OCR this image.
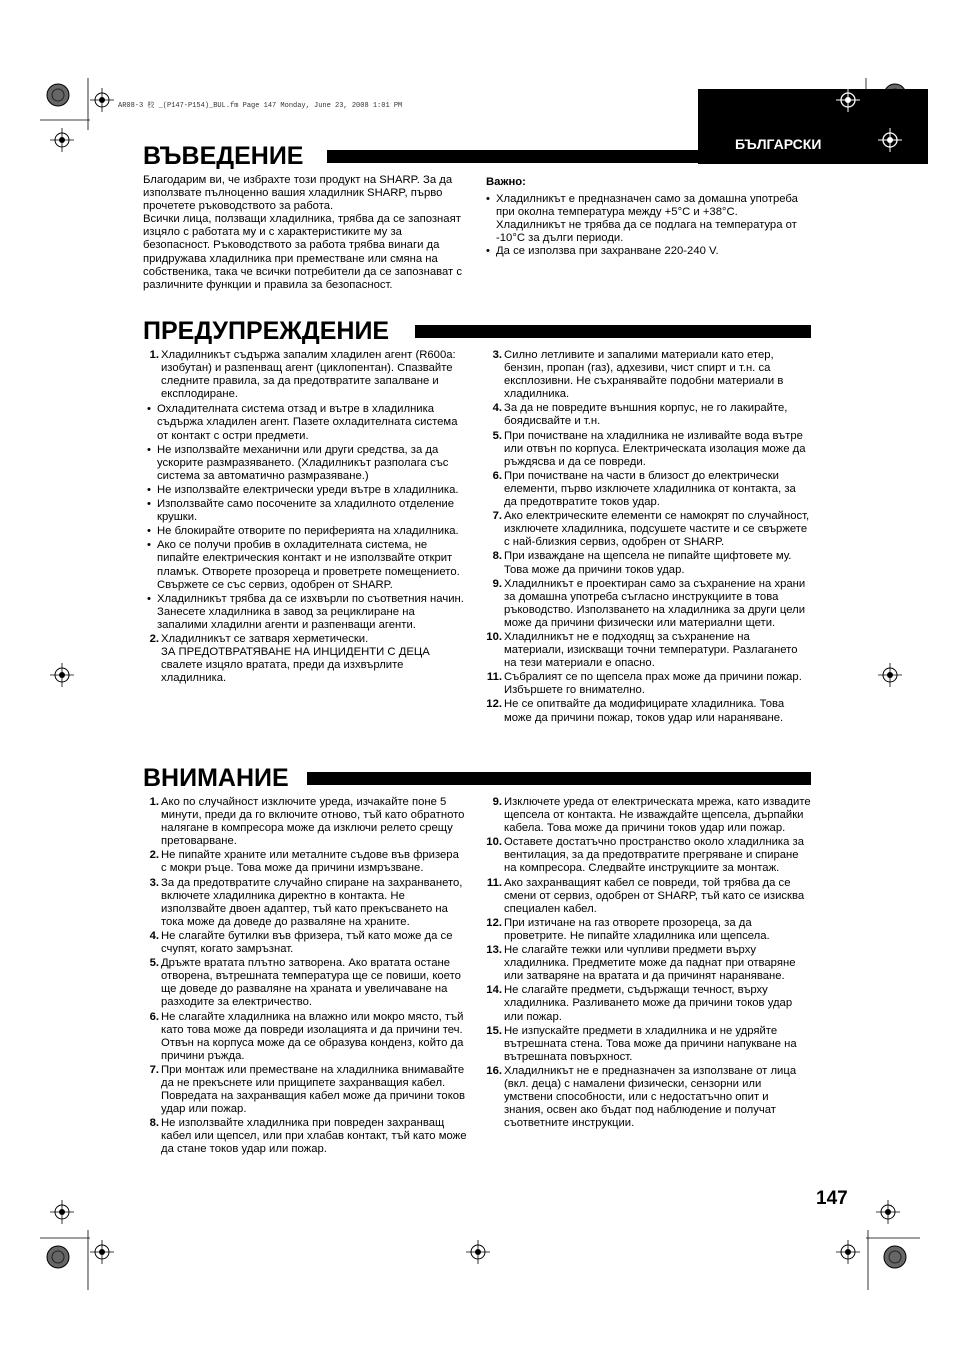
AR08-3 校 _(P147-P154)_BUL.fm Page 147 Monday, June 23, 2008 1:01 PM
БЪЛГАРСКИ
ВЪВЕДЕНИЕ

Благодарим ви, че избрахте този продукт на SHARP. За да използвате пълноценно вашия хладилник SHARP, първо прочетете ръководството за работа.

Всички лица, ползващи хладилника, трябва да се запознаят изцяло с работата му и с характеристиките му за безопасност. Ръководството за работа трябва винаги да придружава хладилника при преместване или смяна на собственика, така че всички потребители да се запознават с различните функции и правила за безопасност.

Важно:
• Хладилникът е предназначен само за домашна употреба при околна температура между +5°C и +38°C. Хладилникът не трябва да се подлага на температура от -10°C за дълги периоди.
• Да се използва при захранване 220-240 V.
ПРЕДУПРЕЖДЕНИЕ
1. Хладилникът съдържа запалим хладилен агент (R600a: изобутан) и разпенващ агент (циклопентан). Спазвайте следните правила, за да предотвратите запалване и експлодиране.
• Охладителната система отзад и вътре в хладилника съдържа хладилен агент. Пазете охладителната система от контакт с остри предмети.
• Не използвайте механични или други средства, за да ускорите размразяването. (Хладилникът разполага със система за автоматично размразяване.)
• Не използвайте електрически уреди вътре в хладилника.
• Използвайте само посочените за хладилното отделение крушки.
• Не блокирайте отворите по периферията на хладилника.
• Ако се получи пробив в охладителната система, не пипайте електрическия контакт и не използвайте открит пламък. Отворете прозореца и проветрете помещението. Свържете се със сервиз, одобрен от SHARP.
• Хладилникът трябва да се изхвърли по съответния начин. Занесете хладилника в завод за рециклиране на запалими хладилни агенти и разпенващи агенти.
2. Хладилникът се затваря херметически.
ЗА ПРЕДОТВРАТЯВАНЕ НА ИНЦИДЕНТИ С ДЕЦА свалете изцяло вратата, преди да изхвърлите хладилника.
3. Силно летливите и запалими материали като етер, бензин, пропан (газ), адхезиви, чист спирт и т.н. са експлозивни. Не съхранявайте подобни материали в хладилника.
4. За да не повредите външния корпус, не го лакирайте, боядисвайте и т.н.
5. При почистване на хладилника не изливайте вода вътре или отвън по корпуса. Електрическата изолация може да ръждясва и да се повреди.
6. При почистване на части в близост до електрически елементи, първо изключете хладилника от контакта, за да предотвратите токов удар.
7. Ако електрическите елементи се намокрят по случайност, изключете хладилника, подсушете частите и се свържете с най-близкия сервиз, одобрен от SHARP.
8. При изваждане на щепсела не пипайте щифтовете му. Това може да причини токов удар.
9. Хладилникът е проектиран само за съхранение на храни за домашна употреба съгласно инструкциите в това ръководство. Използването на хладилника за други цели може да причини физически или материални щети.
10. Хладилникът не е подходящ за съхранение на материали, изискващи точни температури. Разлагането на тези материали е опасно.
11. Събралият се по щепсела прах може да причини пожар. Избършете го внимателно.
12. Не се опитвайте да модифицирате хладилника. Това може да причини пожар, токов удар или нараняване.
ВНИМАНИЕ
1. Ако по случайност изключите уреда, изчакайте поне 5 минути, преди да го включите отново, тъй като обратното налягане в компресора може да изключи релето срещу претоварване.
2. Не пипайте храните или металните съдове във фризера с мокри ръце. Това може да причини измръзване.
3. За да предотвратите случайно спиране на захранването, включете хладилника директно в контакта. Не използвайте двоен адаптер, тъй като прекъсването на тока може да доведе до разваляне на храните.
4. Не слагайте бутилки във фризера, тъй като може да се счупят, когато замръзнат.
5. Дръжте вратата плътно затворена. Ако вратата остане отворена, вътрешната температура ще се повиши, което ще доведе до разваляне на храната и увеличаване на разходите за електричество.
6. Не слагайте хладилника на влажно или мокро място, тъй като това може да повреди изолацията и да причини теч. Отвън на корпуса може да се образува конденз, който да причини ръжда.
7. При монтаж или преместване на хладилника внимавайте да не прекъснете или прищипете захранващия кабел. Повредата на захранващия кабел може да причини токов удар или пожар.
8. Не използвайте хладилника при повреден захранващ кабел или щепсел, или при хлабав контакт, тъй като може да стане токов удар или пожар.
9. Изключете уреда от електрическата мрежа, като извадите щепсела от контакта. Не изваждайте щепсела, дърпайки кабела. Това може да причини токов удар или пожар.
10. Оставете достатъчно пространство около хладилника за вентилация, за да предотвратите прегряване и спиране на компресора. Следвайте инструкциите за монтаж.
11. Ако захранващият кабел се повреди, той трябва да се смени от сервиз, одобрен от SHARP, тъй като се изисква специален кабел.
12. При изтичане на газ отворете прозореца, за да проветрите. Не пипайте хладилника или щепсела.
13. Не слагайте тежки или чупливи предмети върху хладилника. Предметите може да паднат при отваряне или затваряне на вратата и да причинят нараняване.
14. Не слагайте предмети, съдържащи течност, върху хладилника. Разливането може да причини токов удар или пожар.
15. Не изпускайте предмети в хладилника и не удряйте вътрешната стена. Това може да причини напукване на вътрешната повърхност.
16. Хладилникът не е предназначен за използване от лица (вкл. деца) с намалени физически, сензорни или умствени способности, или с недостатъчно опит и знания, освен ако бъдат под наблюдение и получат съответните инструкции.
147
